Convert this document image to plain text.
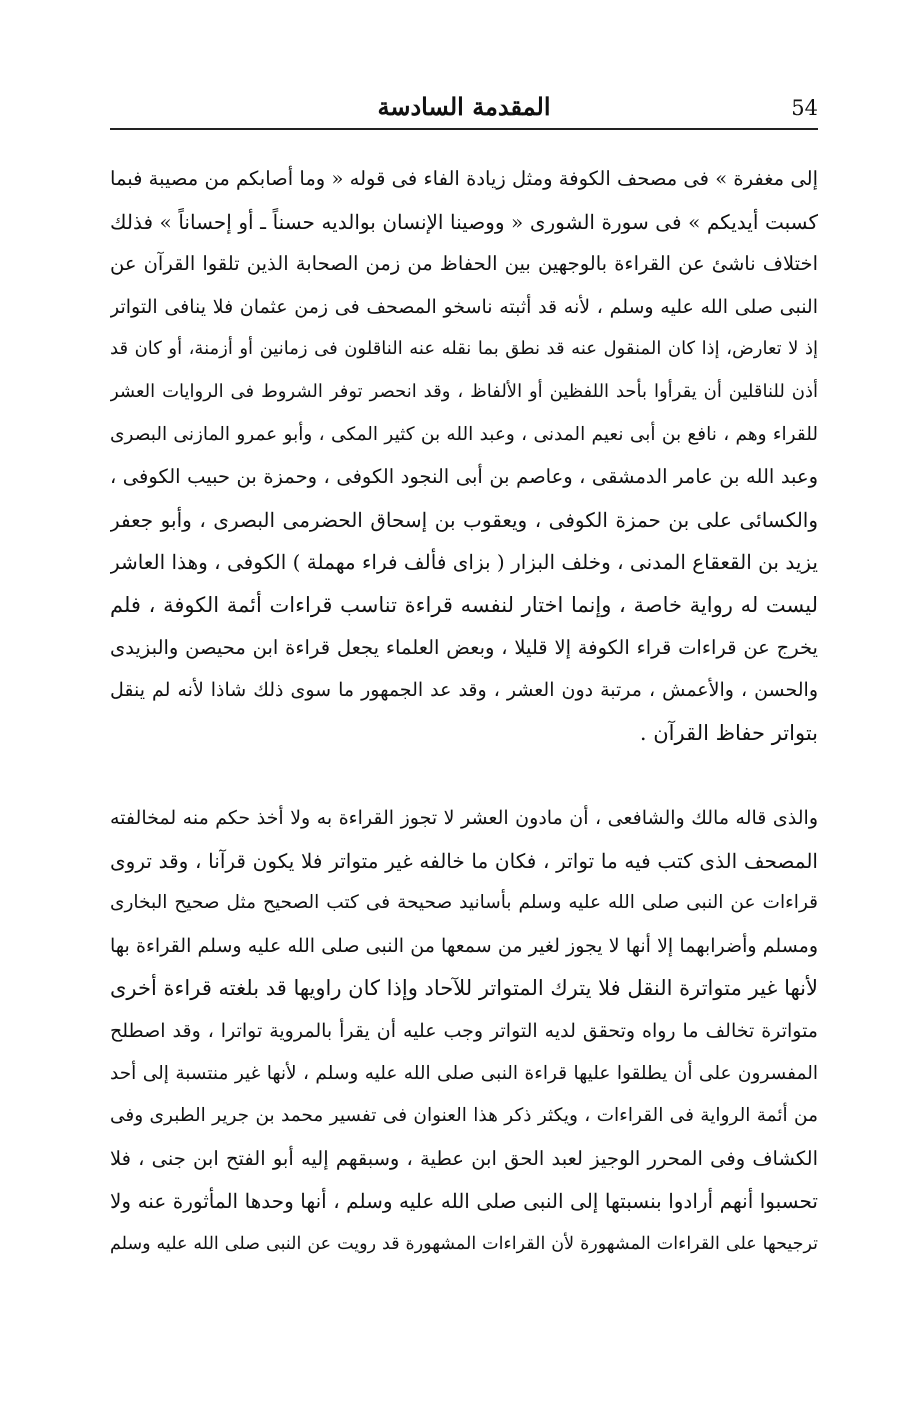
54
المقدمة السادسة
إلى مغفرة » فى مصحف الكوفة ومثل زيادة الفاء فى قوله « وما أصابكم من مصيبة فبما
كسبت أيديكم » فى سورة الشورى « ووصينا الإنسان بوالديه حسناً ـ أو إحساناً » فذلك
اختلاف ناشئ عن القراءة بالوجهين بين الحفاظ من زمن الصحابة الذين تلقوا القرآن عن
النبى صلى الله عليه وسلم ، لأنه قد أثبته ناسخو المصحف فى زمن عثمان فلا ينافى التواتر
إذ لا تعارض، إذا كان المنقول عنه قد نطق بما نقله عنه الناقلون فى زمانين أو أزمنة، أو كان قد
أذن للناقلين أن يقرأوا بأحد اللفظين أو الألفاظ ، وقد انحصر توفر الشروط فى الروايات العشر
للقراء وهم ، نافع بن أبى نعيم المدنى ، وعبد الله بن كثير المكى ، وأبو عمرو المازنى البصرى
وعبد الله بن عامر الدمشقى ، وعاصم بن أبى النجود الكوفى ، وحمزة بن حبيب الكوفى ،
والكسائى على بن حمزة الكوفى ، ويعقوب بن إسحاق الحضرمى البصرى ، وأبو جعفر
يزيد بن القعقاع المدنى ، وخلف البزار ( بزاى فألف فراء مهملة ) الكوفى ، وهذا العاشر
ليست له رواية خاصة ، وإنما اختار لنفسه قراءة تناسب قراءات أئمة الكوفة ، فلم
يخرج عن قراءات قراء الكوفة إلا قليلا ، وبعض العلماء يجعل قراءة ابن محيصن والبزيدى
والحسن ، والأعمش ، مرتبة دون العشر ، وقد عد الجمهور ما سوى ذلك شاذا لأنه لم ينقل
بتواتر حفاظ القرآن .
والذى قاله مالك والشافعى ، أن مادون العشر لا تجوز القراءة به ولا أخذ حكم منه لمخالفته
المصحف الذى كتب فيه ما تواتر ، فكان ما خالفه غير متواتر فلا يكون قرآنا ، وقد تروى
قراءات عن النبى صلى الله عليه وسلم بأسانيد صحيحة فى كتب الصحيح مثل صحيح البخارى
ومسلم وأضرابهما إلا أنها لا يجوز لغير من سمعها من النبى صلى الله عليه وسلم القراءة بها
لأنها غير متواترة النقل فلا يترك المتواتر للآحاد وإذا كان راويها قد بلغته قراءة أخرى
متواترة تخالف ما رواه وتحقق لديه التواتر وجب عليه أن يقرأ بالمروية تواترا ، وقد اصطلح
المفسرون على أن يطلقوا عليها قراءة النبى صلى الله عليه وسلم ، لأنها غير منتسبة إلى أحد
من أئمة الرواية فى القراءات ، ويكثر ذكر هذا العنوان فى تفسير محمد بن جرير الطبرى وفى
الكشاف وفى المحرر الوجيز لعبد الحق ابن عطية ، وسبقهم إليه أبو الفتح ابن جنى ، فلا
تحسبوا أنهم أرادوا بنسبتها إلى النبى صلى الله عليه وسلم ، أنها وحدها المأثورة عنه ولا
ترجيحها على القراءات المشهورة لأن القراءات المشهورة قد رويت عن النبى صلى الله عليه وسلم
